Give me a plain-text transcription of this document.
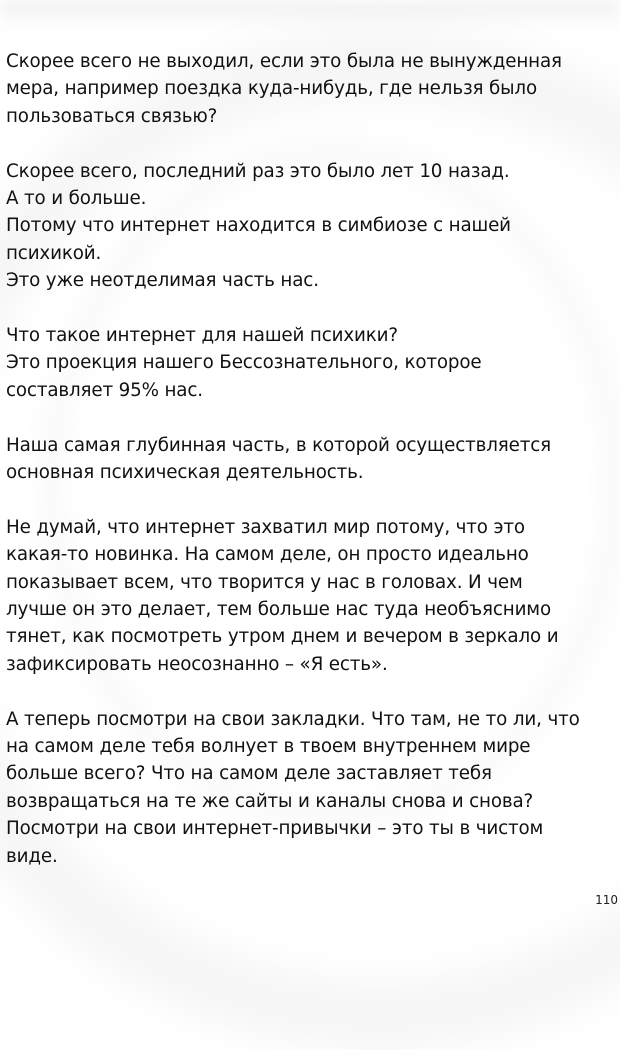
Скорее всего не выходил, если это была не вынужденная
мера, например поездка куда-нибудь, где нельзя было
пользоваться связью?

Скорее всего, последний раз это было лет 10 назад.
А то и больше.
Потому что интернет находится в симбиозе с нашей
психикой.
Это уже неотделимая часть нас.

Что такое интернет для нашей психики?
Это проекция нашего Бессознательного, которое
составляет 95% нас.

Наша самая глубинная часть, в которой осуществляется
основная психическая деятельность.

Не думай, что интернет захватил мир потому, что это
какая-то новинка. На самом деле, он просто идеально
показывает всем, что творится у нас в головах. И чем
лучше он это делает, тем больше нас туда необъяснимо
тянет, как посмотреть утром днем и вечером в зеркало и
зафиксировать неосознанно – «Я есть».

А теперь посмотри на свои закладки. Что там, не то ли, что
на самом деле тебя волнует в твоем внутреннем мире
больше всего? Что на самом деле заставляет тебя
возвращаться на те же сайты и каналы снова и снова?
Посмотри на свои интернет-привычки – это ты в чистом
виде.

110
